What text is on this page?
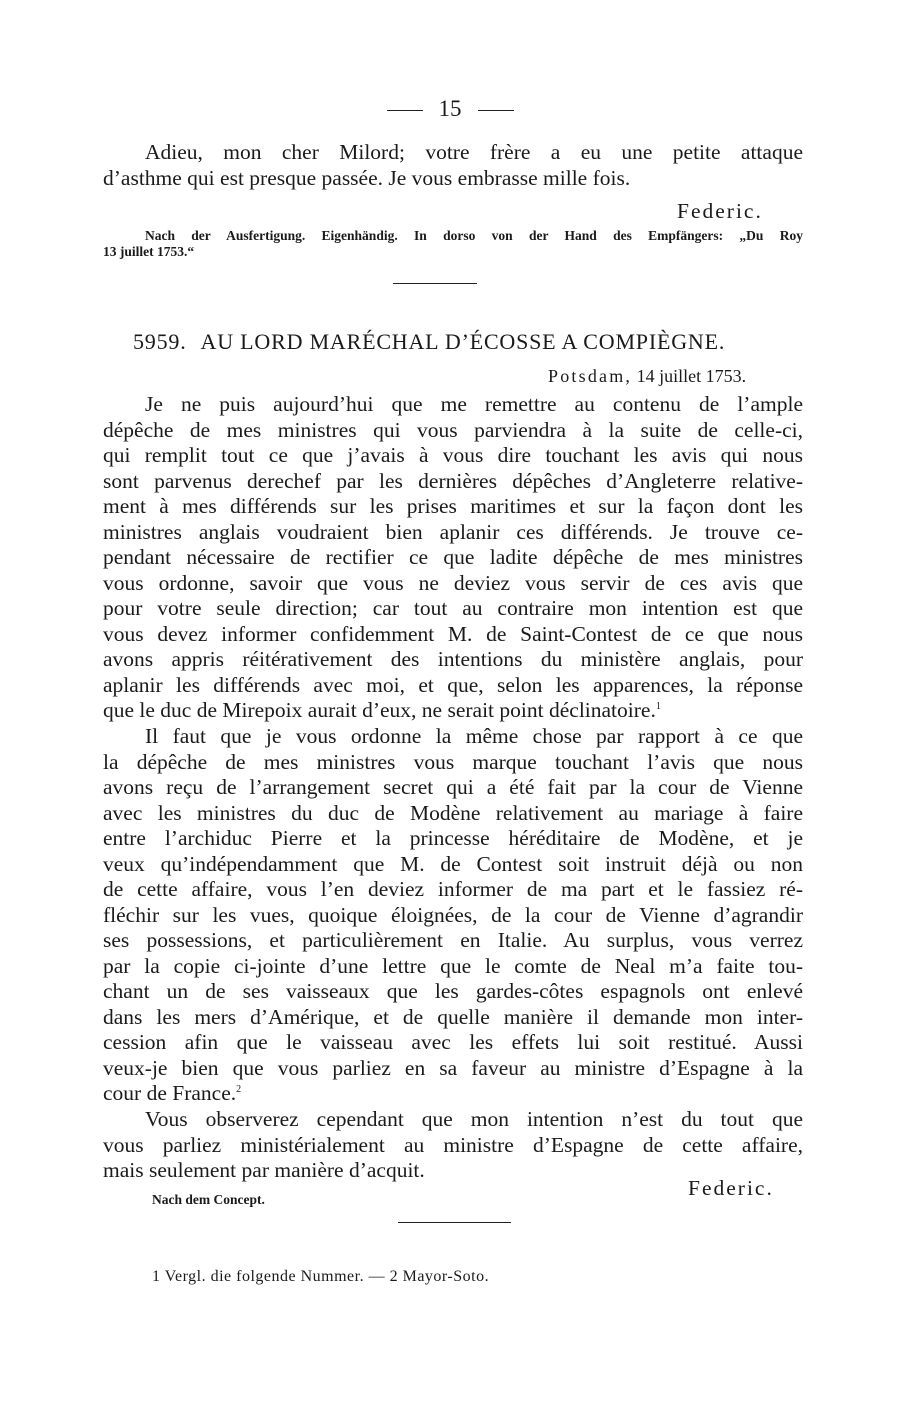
15
Adieu, mon cher Milord; votre frère a eu une petite attaque
d’asthme qui est presque passée. Je vous embrasse mille fois.
Federic.
Nach der Ausfertigung. Eigenhändig. In dorso von der Hand des Empfängers: „Du Roy
13 juillet 1753.“
5959. AU LORD MARÉCHAL D’ÉCOSSE A COMPIÈGNE.
Potsdam, 14 juillet 1753.
Je ne puis aujourd’hui que me remettre au contenu de l’ample
dépêche de mes ministres qui vous parviendra à la suite de celle-ci,
qui remplit tout ce que j’avais à vous dire touchant les avis qui nous
sont parvenus derechef par les dernières dépêches d’Angleterre relative-
ment à mes différends sur les prises maritimes et sur la façon dont les
ministres anglais voudraient bien aplanir ces différends. Je trouve ce-
pendant nécessaire de rectifier ce que ladite dépêche de mes ministres
vous ordonne, savoir que vous ne deviez vous servir de ces avis que
pour votre seule direction; car tout au contraire mon intention est que
vous devez informer confidemment M. de Saint-Contest de ce que nous
avons appris réitérativement des intentions du ministère anglais, pour
aplanir les différends avec moi, et que, selon les apparences, la réponse
que le duc de Mirepoix aurait d’eux, ne serait point déclinatoire.$^1$
Il faut que je vous ordonne la même chose par rapport à ce que
la dépêche de mes ministres vous marque touchant l’avis que nous
avons reçu de l’arrangement secret qui a été fait par la cour de Vienne
avec les ministres du duc de Modène relativement au mariage à faire
entre l’archiduc Pierre et la princesse héréditaire de Modène, et je
veux qu’indépendamment que M. de Contest soit instruit déjà ou non
de cette affaire, vous l’en deviez informer de ma part et le fassiez ré-
fléchir sur les vues, quoique éloignées, de la cour de Vienne d’agrandir
ses possessions, et particulièrement en Italie. Au surplus, vous verrez
par la copie ci-jointe d’une lettre que le comte de Neal m’a faite tou-
chant un de ses vaisseaux que les gardes-côtes espagnols ont enlevé
dans les mers d’Amérique, et de quelle manière il demande mon inter-
cession afin que le vaisseau avec les effets lui soit restitué. Aussi
veux-je bien que vous parliez en sa faveur au ministre d’Espagne à la
cour de France.$^2$
Vous observerez cependant que mon intention n’est du tout que
vous parliez ministérialement au ministre d’Espagne de cette affaire,
mais seulement par manière d’acquit.
Federic.
Nach dem Concept.
1 Vergl. die folgende Nummer. — 2 Mayor-Soto.
